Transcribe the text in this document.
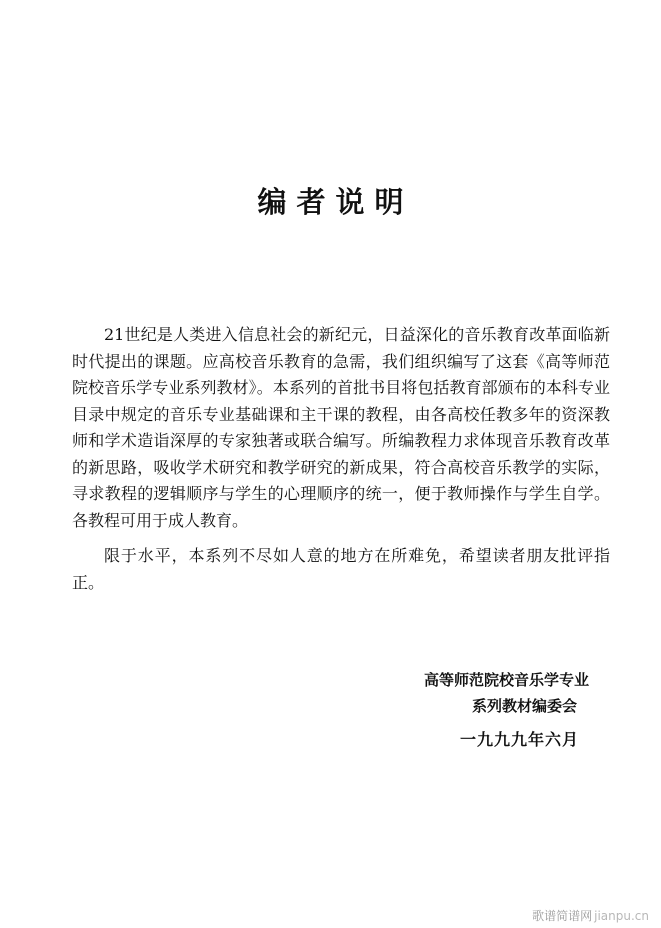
编者说明

21世纪是人类进入信息社会的新纪元，日益深化的音乐教育改革面临新时代提出的课题。应高校音乐教育的急需，我们组织编写了这套《高等师范院校音乐学专业系列教材》。本系列的首批书目将包括教育部颁布的本科专业目录中规定的音乐专业基础课和主干课的教程，由各高校任教多年的资深教师和学术造诣深厚的专家独著或联合编写。所编教程力求体现音乐教育改革的新思路，吸收学术研究和教学研究的新成果，符合高校音乐教学的实际，寻求教程的逻辑顺序与学生的心理顺序的统一，便于教师操作与学生自学。各教程可用于成人教育。

限于水平，本系列不尽如人意的地方在所难免，希望读者朋友批评指正。

高等师范院校音乐学专业
系列教材编委会
一九九九年六月
歌谱简谱网 jianpu.cn
